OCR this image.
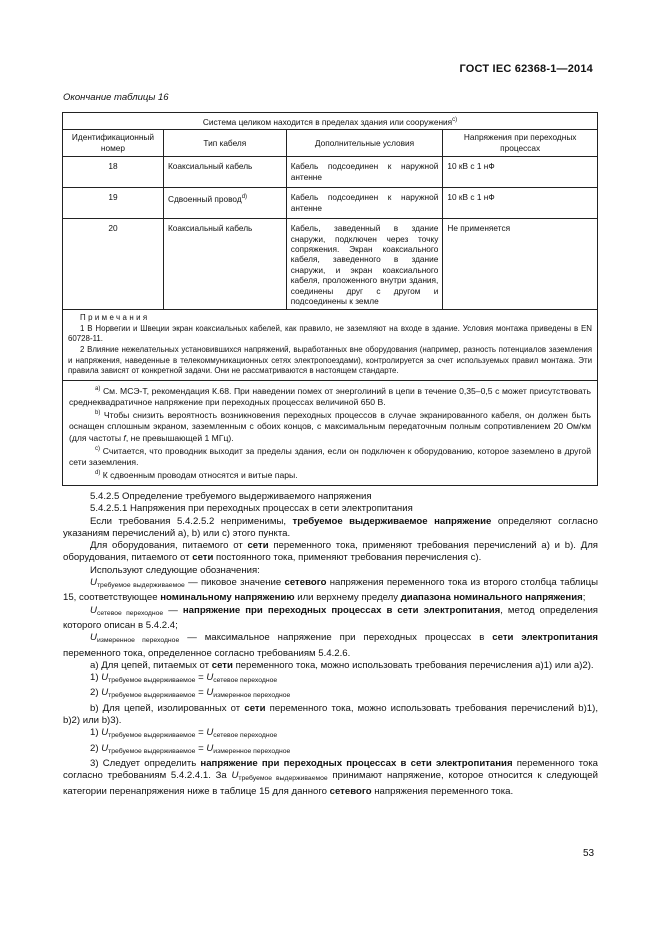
ГОСТ IEC 62368-1—2014
Окончание таблицы 16
Система целиком находится в пределах здания или сооружения$^{c)}$
Идентификационный номер	Тип кабеля	Дополнительные условия	Напряжения при переходных процессах
18	Коаксиальный кабель	Кабель подсоединен к наружной антенне	10 кВ с 1 нФ
19	Сдвоенный провод$^{d)}$	Кабель подсоединен к наружной антенне	10 кВ с 1 нФ
20	Коаксиальный кабель	Кабель, заведенный в здание снаружи, подключен через точку сопряжения. Экран коаксиального кабеля, заведенного в здание снаружи, и экран коаксиального кабеля, проложенного внутри здания, соединены друг с другом и подсоединены к земле	Не применяется

Примечания

1 В Норвегии и Швеции экран коаксиальных кабелей, как правило, не заземляют на входе в здание. Условия монтажа приведены в EN 60728-11.

2 Влияние нежелательных установившихся напряжений, выработанных вне оборудования (например, разность потенциалов заземления и напряжения, наведенные в телекоммуникационных сетях электропоездами), контролируется за счет используемых правил монтажа. Эти правила зависят от конкретной задачи. Они не рассматриваются в настоящем стандарте.			

$^{a)}$ См. МСЭ-Т, рекомендация К.68. При наведении помех от энерголиний в цепи в течение 0,35–0,5 с может присутствовать среднеквадратичное напряжение при переходных процессах величиной 650 В.

$^{b)}$ Чтобы снизить вероятность возникновения переходных процессов в случае экранированного кабеля, он должен быть оснащен сплошным экраном, заземленным с обоих концов, с максимальным передаточным полным сопротивлением 20 Ом/км (для частоты f, не превышающей 1 МГц).

$^{c)}$ Считается, что проводник выходит за пределы здания, если он подключен к оборудованию, которое заземлено в другой сети заземления.

$^{d)}$ К сдвоенным проводам относятся и витые пары.			

5.4.2.5 Определение требуемого выдерживаемого напряжения

5.4.2.5.1 Напряжения при переходных процессах в сети электропитания

Если требования 5.4.2.5.2 неприменимы, требуемое выдерживаемое напряжение определяют согласно указаниям перечислений a), b) или c) этого пункта.

Для оборудования, питаемого от сети переменного тока, применяют требования перечислений a) и b). Для оборудования, питаемого от сети постоянного тока, применяют требования перечисления c).

Используют следующие обозначения:

$U_{требуемое выдерживаемое}$ — пиковое значение сетевого напряжения переменного тока из второго столбца таблицы 15, соответствующее номинальному напряжению или верхнему пределу диапазона номинального напряжения;

$U_{сетевое переходное}$ — напряжение при переходных процессах в сети электропитания, метод определения которого описан в 5.4.2.4;

$U_{измеренное переходное}$ — максимальное напряжение при переходных процессах в сети электропитания переменного тока, определенное согласно требованиям 5.4.2.6.

a) Для цепей, питаемых от сети переменного тока, можно использовать требования перечисления a)1) или a)2).

1) $U_{требуемое выдерживаемое} = U_{сетевое переходное}$

2) $U_{требуемое выдерживаемое} = U_{измеренное переходное}$

b) Для цепей, изолированных от сети переменного тока, можно использовать требования перечислений b)1), b)2) или b)3).

1) $U_{требуемое выдерживаемое} = U_{сетевое переходное}$

2) $U_{требуемое выдерживаемое} = U_{измеренное переходное}$

3) Следует определить напряжение при переходных процессах в сети электропитания переменного тока согласно требованиям 5.4.2.4.1. За $U_{требуемое выдерживаемое}$ принимают напряжение, которое относится к следующей категории перенапряжения ниже в таблице 15 для данного сетевого напряжения переменного тока.

53
